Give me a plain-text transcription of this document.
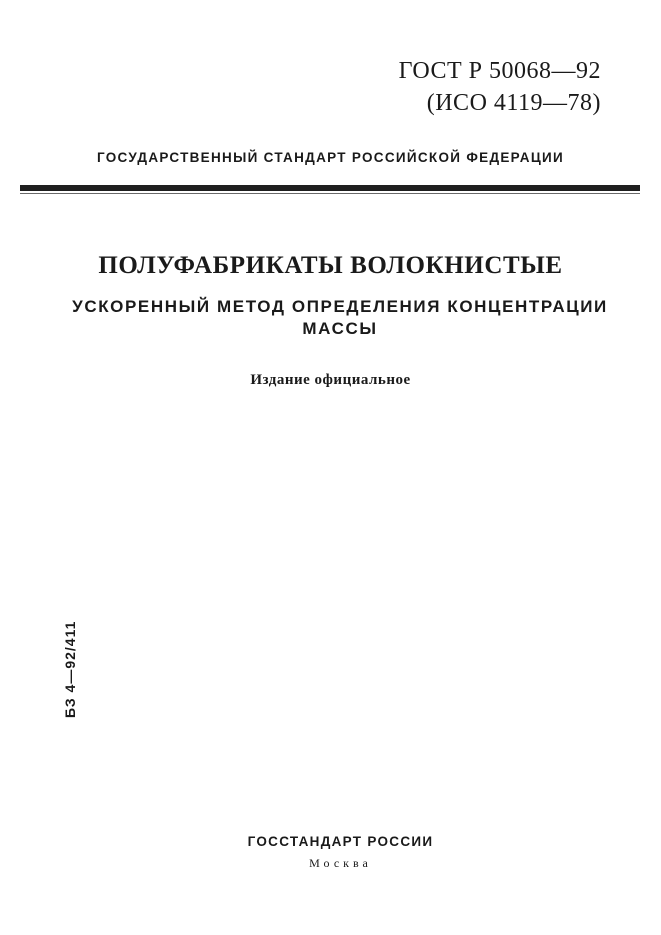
ГОСТ Р 50068—92
(ИСО 4119—78)
ГОСУДАРСТВЕННЫЙ СТАНДАРТ РОССИЙСКОЙ ФЕДЕРАЦИИ
ПОЛУФАБРИКАТЫ ВОЛОКНИСТЫЕ
УСКОРЕННЫЙ МЕТОД ОПРЕДЕЛЕНИЯ КОНЦЕНТРАЦИИ МАССЫ
Издание официальное
БЗ 4—92/411
ГОССТАНДАРТ РОССИИ
Москва
